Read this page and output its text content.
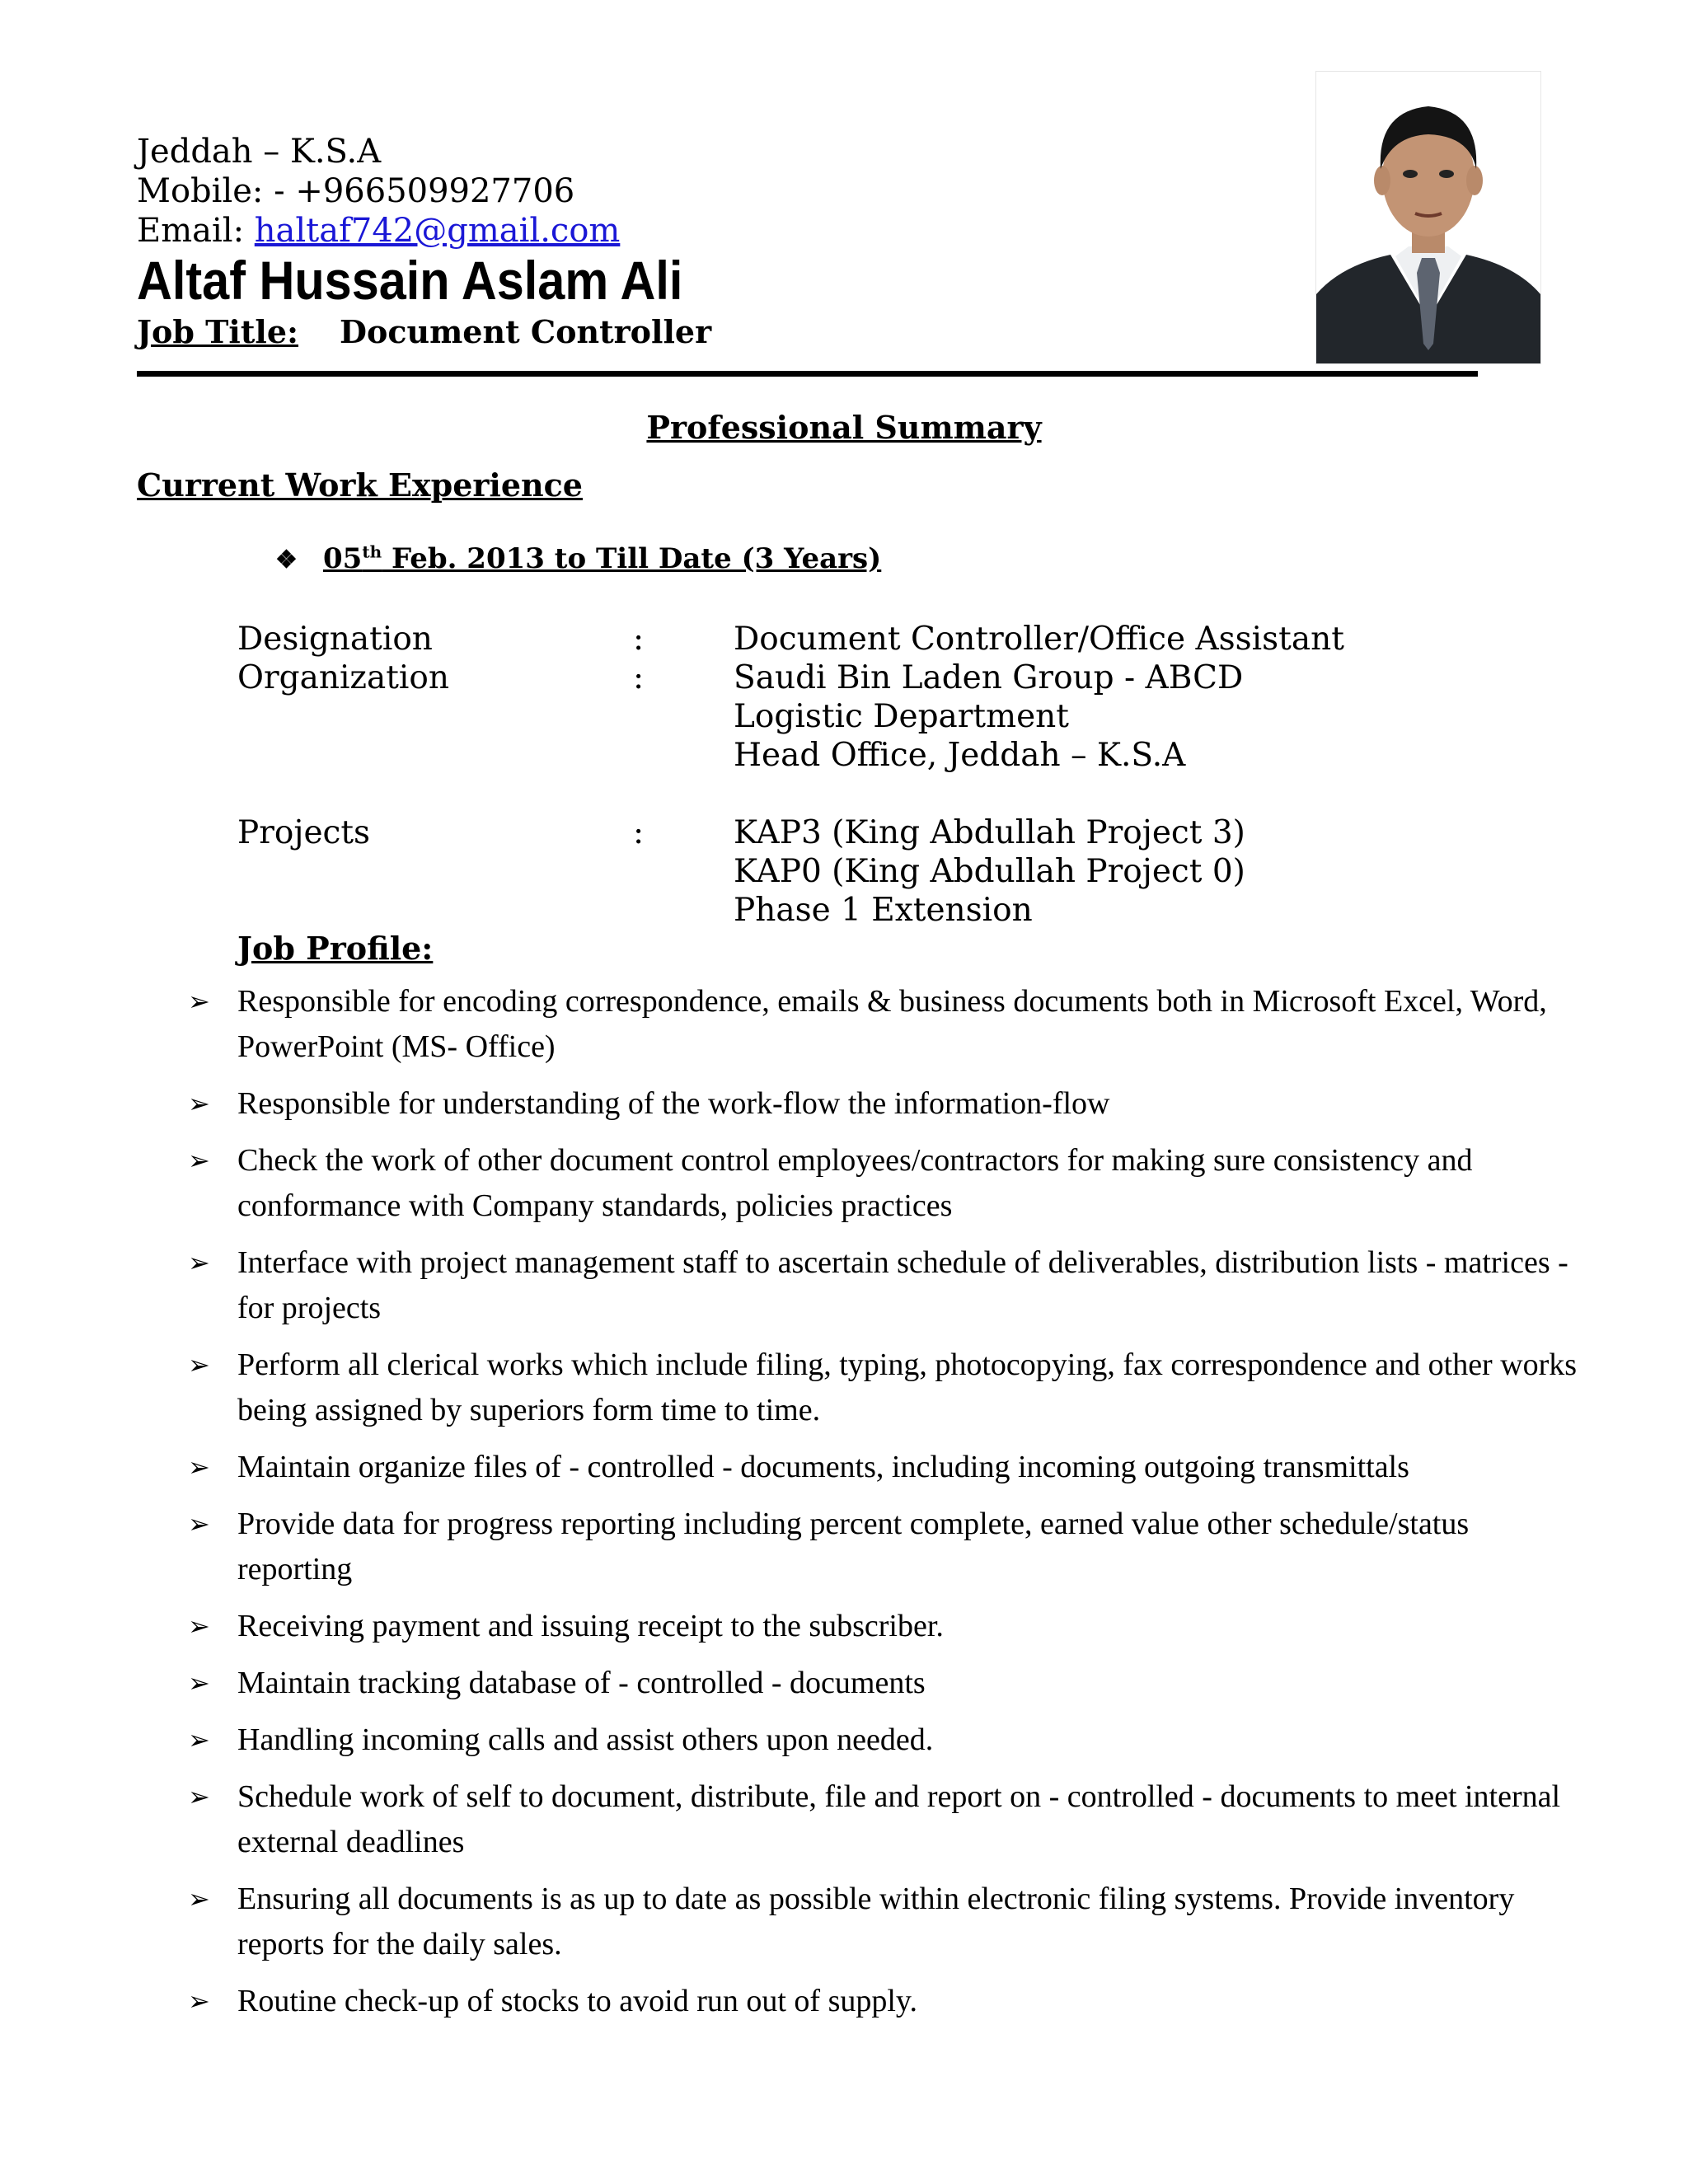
Jeddah – K.S.A
Mobile: - +966509927706
Email: haltaf742@gmail.com
Altaf Hussain Aslam Ali
Job Title: Document Controller
Professional Summary
Current Work Experience
❖ 05th Feb. 2013 to Till Date (3 Years)
Designation	:	Document Controller/Office Assistant
Organization	:	Saudi Bin Laden Group - ABCD
Logistic Department
Head Office, Jeddah – K.S.A
Projects	:	KAP3 (King Abdullah Project 3)
KAP0 (King Abdullah Project 0)
Phase 1 Extension
Job Profile:
➢ Responsible for encoding correspondence, emails & business documents both in Microsoft Excel, Word, PowerPoint (MS- Office)
➢ Responsible for understanding of the work-flow the information-flow
➢ Check the work of other document control employees/contractors for making sure consistency and conformance with Company standards, policies practices
➢ Interface with project management staff to ascertain schedule of deliverables, distribution lists - matrices - for projects
➢ Perform all clerical works which include filing, typing, photocopying, fax correspondence and other works being assigned by superiors form time to time.
➢ Maintain organize files of - controlled - documents, including incoming outgoing transmittals
➢ Provide data for progress reporting including percent complete, earned value other schedule/status reporting
➢ Receiving payment and issuing receipt to the subscriber.
➢ Maintain tracking database of - controlled - documents
➢ Handling incoming calls and assist others upon needed.
➢ Schedule work of self to document, distribute, file and report on - controlled - documents to meet internal external deadlines
➢ Ensuring all documents is as up to date as possible within electronic filing systems. Provide inventory reports for the daily sales.
➢ Routine check-up of stocks to avoid run out of supply.
